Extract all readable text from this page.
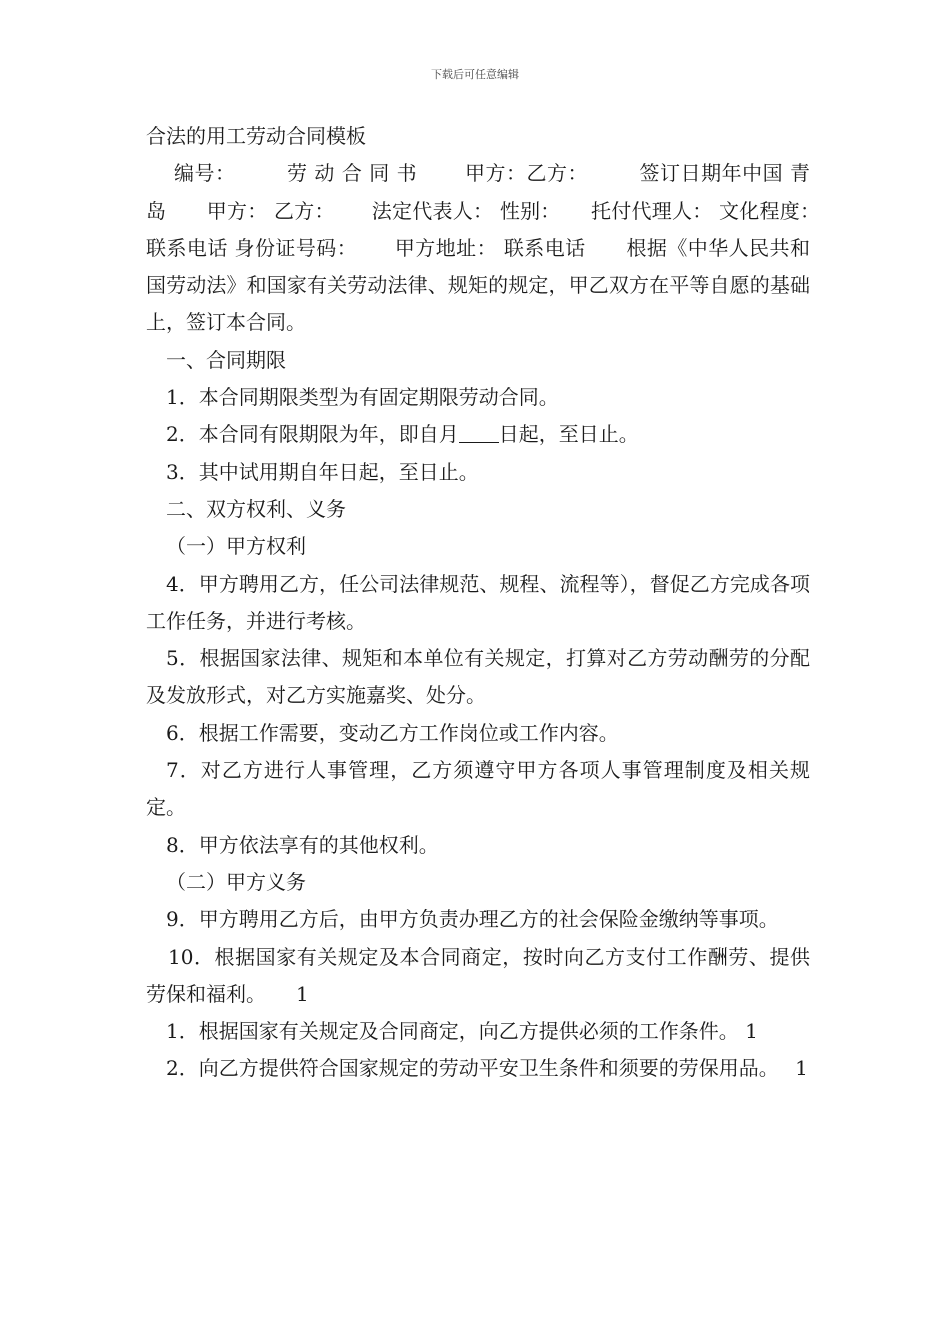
下载后可任意编辑

合法的用工劳动合同模板

编号：　　　劳 动 合 同 书　　 甲方：乙方：　　　签订日期年中国 青岛　　甲方： 乙方：　　 法定代表人： 性别：　　托付代理人： 文化程度：　　 联系电话 身份证号码：　　 甲方地址： 联系电话　　根据《中华人民共和国劳动法》和国家有关劳动法律、规矩的规定，甲乙双方在平等自愿的基础上，签订本合同。

一、合同期限

1．本合同期限类型为有固定期限劳动合同。

2．本合同有限期限为年，即自月 日起，至日止。

3．其中试用期自年日起，至日止。

二、双方权利、义务

（一）甲方权利

4．甲方聘用乙方，任公司法律规范、规程、流程等），督促乙方完成各项工作任务，并进行考核。

5．根据国家法律、规矩和本单位有关规定，打算对乙方劳动酬劳的分配及发放形式，对乙方实施嘉奖、处分。

6．根据工作需要，变动乙方工作岗位或工作内容。

7．对乙方进行人事管理，乙方须遵守甲方各项人事管理制度及相关规定。

8．甲方依法享有的其他权利。

（二）甲方义务

9．甲方聘用乙方后，由甲方负责办理乙方的社会保险金缴纳等事项。

10．根据国家有关规定及本合同商定，按时向乙方支付工作酬劳、提供劳保和福利。　　1

1．根据国家有关规定及合同商定，向乙方提供必须的工作条件。 1

2．向乙方提供符合国家规定的劳动平安卫生条件和须要的劳保用品。　 1
